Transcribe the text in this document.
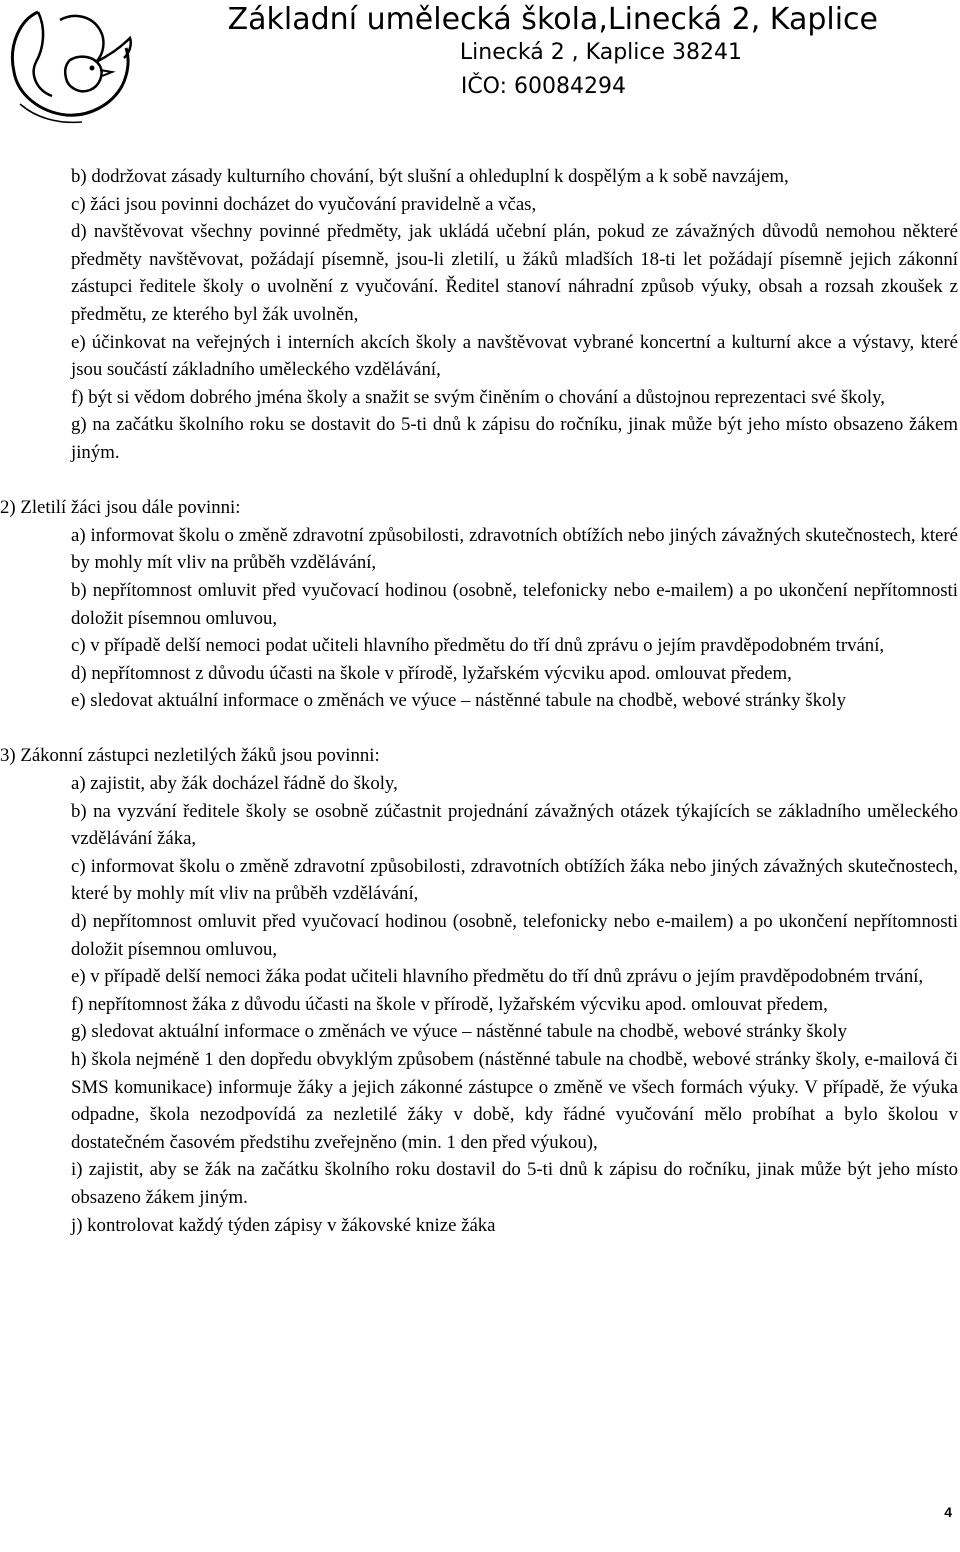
Základní umělecká škola,Linecká 2, Kaplice
Linecká 2 , Kaplice 38241
IČO: 60084294

b) dodržovat zásady kulturního chování, být slušní a ohleduplní k dospělým a k sobě navzájem,

c) žáci jsou povinni docházet do vyučování pravidelně a včas,

d) navštěvovat všechny povinné předměty, jak ukládá učební plán, pokud ze závažných důvodů nemohou některé předměty navštěvovat, požádají písemně, jsou-li zletilí, u žáků mladších 18-ti let požádají písemně jejich zákonní zástupci ředitele školy o uvolnění z vyučování. Ředitel stanoví náhradní způsob výuky, obsah a rozsah zkoušek z předmětu, ze kterého byl žák uvolněn,

e) účinkovat na veřejných i interních akcích školy a navštěvovat vybrané koncertní a kulturní akce a výstavy, které jsou součástí základního uměleckého vzdělávání,

f) být si vědom dobrého jména školy a snažit se svým činěním o chování a důstojnou reprezentaci své školy,

g) na začátku školního roku se dostavit do 5-ti dnů k zápisu do ročníku, jinak může být jeho místo obsazeno žákem jiným.

2) Zletilí žáci jsou dále povinni:

a) informovat školu o změně zdravotní způsobilosti, zdravotních obtížích nebo jiných závažných skutečnostech, které by mohly mít vliv na průběh vzdělávání,

b) nepřítomnost omluvit před vyučovací hodinou (osobně, telefonicky nebo e-mailem) a po ukončení nepřítomnosti doložit písemnou omluvou,

c) v případě delší nemoci podat učiteli hlavního předmětu do tří dnů zprávu o jejím pravděpodobném trvání,

d) nepřítomnost z důvodu účasti na škole v přírodě, lyžařském výcviku apod. omlouvat předem,

e) sledovat aktuální informace o změnách ve výuce – nástěnné tabule na chodbě, webové stránky školy

3) Zákonní zástupci nezletilých žáků jsou povinni:

a) zajistit, aby žák docházel řádně do školy,

b) na vyzvání ředitele školy se osobně zúčastnit projednání závažných otázek týkajících se základního uměleckého vzdělávání žáka,

c) informovat školu o změně zdravotní způsobilosti, zdravotních obtížích žáka nebo jiných závažných skutečnostech, které by mohly mít vliv na průběh vzdělávání,

d) nepřítomnost omluvit před vyučovací hodinou (osobně, telefonicky nebo e-mailem) a po ukončení nepřítomnosti doložit písemnou omluvou,

e) v případě delší nemoci žáka podat učiteli hlavního předmětu do tří dnů zprávu o jejím pravděpodobném trvání,

f) nepřítomnost žáka z důvodu účasti na škole v přírodě, lyžařském výcviku apod. omlouvat předem,

g) sledovat aktuální informace o změnách ve výuce – nástěnné tabule na chodbě, webové stránky školy

h) škola nejméně 1 den dopředu obvyklým způsobem (nástěnné tabule na chodbě, webové stránky školy, e-mailová či SMS komunikace) informuje žáky a jejich zákonné zástupce o změně ve všech formách výuky. V případě, že výuka odpadne, škola nezodpovídá za nezletilé žáky v době, kdy řádné vyučování mělo probíhat a bylo školou v dostatečném časovém předstihu zveřejněno (min. 1 den před výukou),

i) zajistit, aby se žák na začátku školního roku dostavil do 5-ti dnů k zápisu do ročníku, jinak může být jeho místo obsazeno žákem jiným.

j) kontrolovat každý týden zápisy v žákovské knize žáka

4
